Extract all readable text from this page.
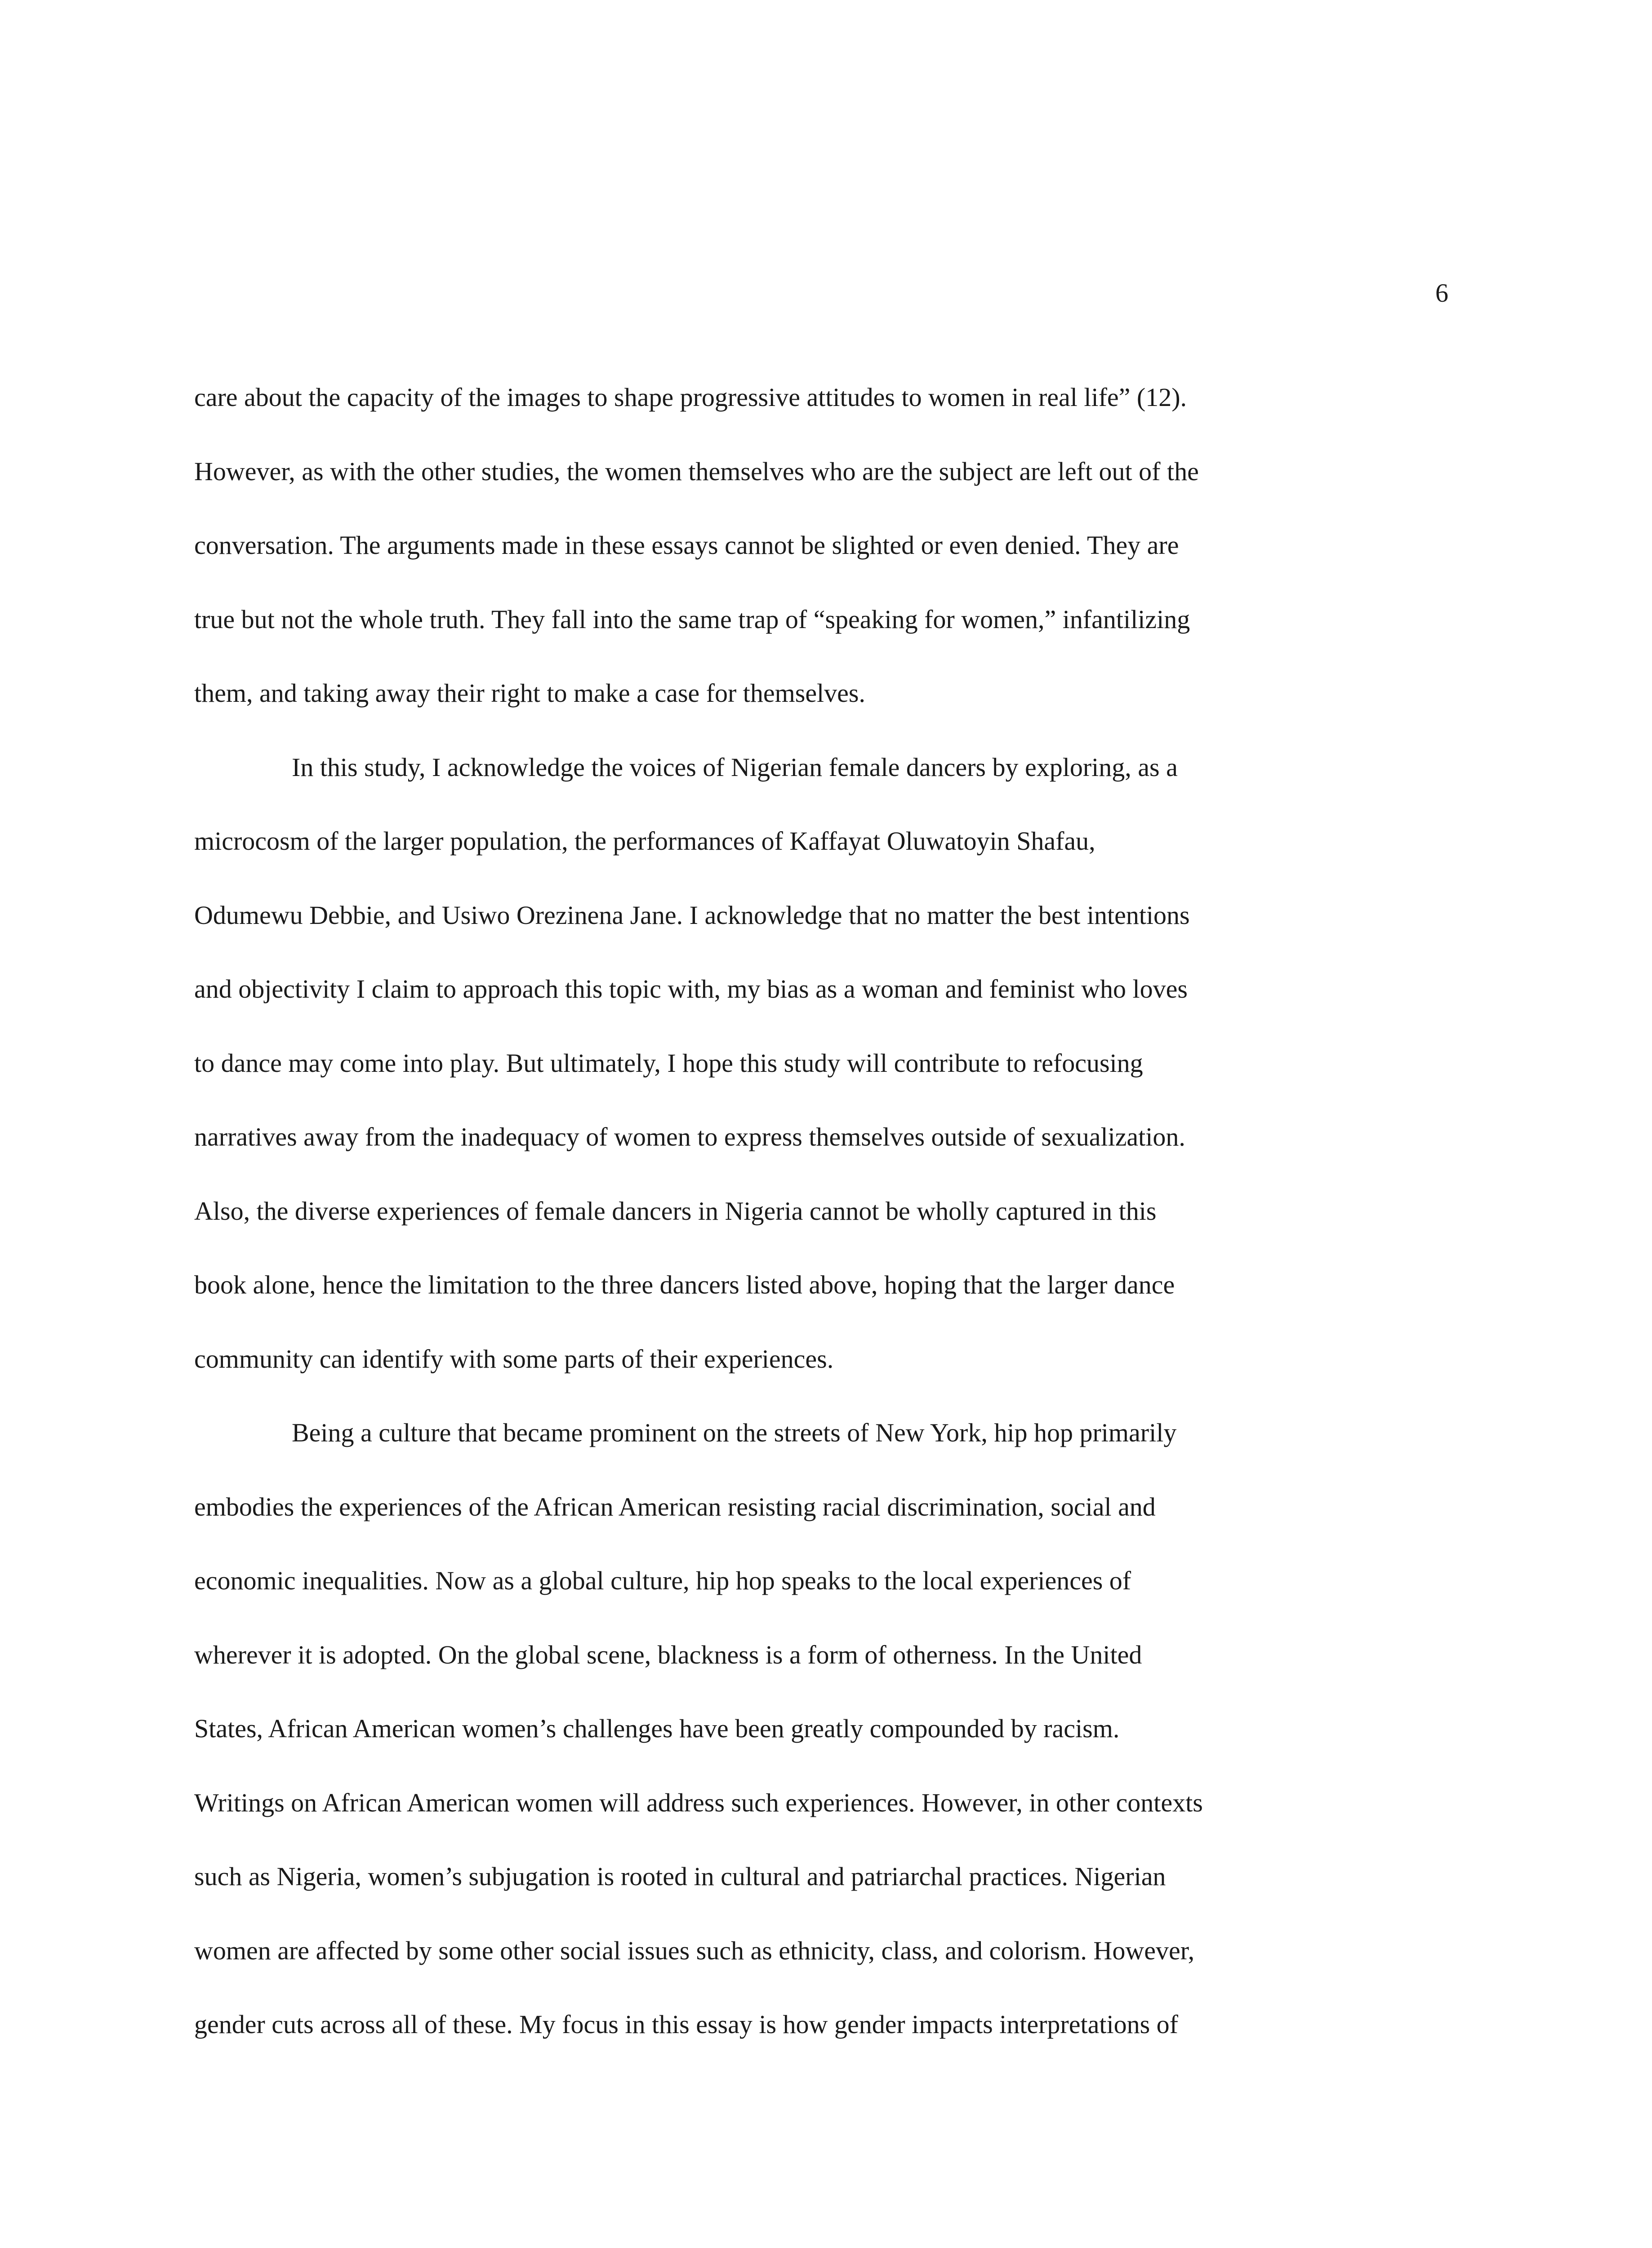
6
care about the capacity of the images to shape progressive attitudes to women in real life” (12).
However, as with the other studies, the women themselves who are the subject are left out of the
conversation. The arguments made in these essays cannot be slighted or even denied. They are
true but not the whole truth. They fall into the same trap of “speaking for women,” infantilizing
them, and taking away their right to make a case for themselves.
In this study, I acknowledge the voices of Nigerian female dancers by exploring, as a
microcosm of the larger population, the performances of Kaffayat Oluwatoyin Shafau,
Odumewu Debbie, and Usiwo Orezinena Jane. I acknowledge that no matter the best intentions
and objectivity I claim to approach this topic with, my bias as a woman and feminist who loves
to dance may come into play. But ultimately, I hope this study will contribute to refocusing
narratives away from the inadequacy of women to express themselves outside of sexualization.
Also, the diverse experiences of female dancers in Nigeria cannot be wholly captured in this
book alone, hence the limitation to the three dancers listed above, hoping that the larger dance
community can identify with some parts of their experiences.
Being a culture that became prominent on the streets of New York, hip hop primarily
embodies the experiences of the African American resisting racial discrimination, social and
economic inequalities. Now as a global culture, hip hop speaks to the local experiences of
wherever it is adopted. On the global scene, blackness is a form of otherness. In the United
States, African American women’s challenges have been greatly compounded by racism.
Writings on African American women will address such experiences. However, in other contexts
such as Nigeria, women’s subjugation is rooted in cultural and patriarchal practices. Nigerian
women are affected by some other social issues such as ethnicity, class, and colorism. However,
gender cuts across all of these. My focus in this essay is how gender impacts interpretations of
